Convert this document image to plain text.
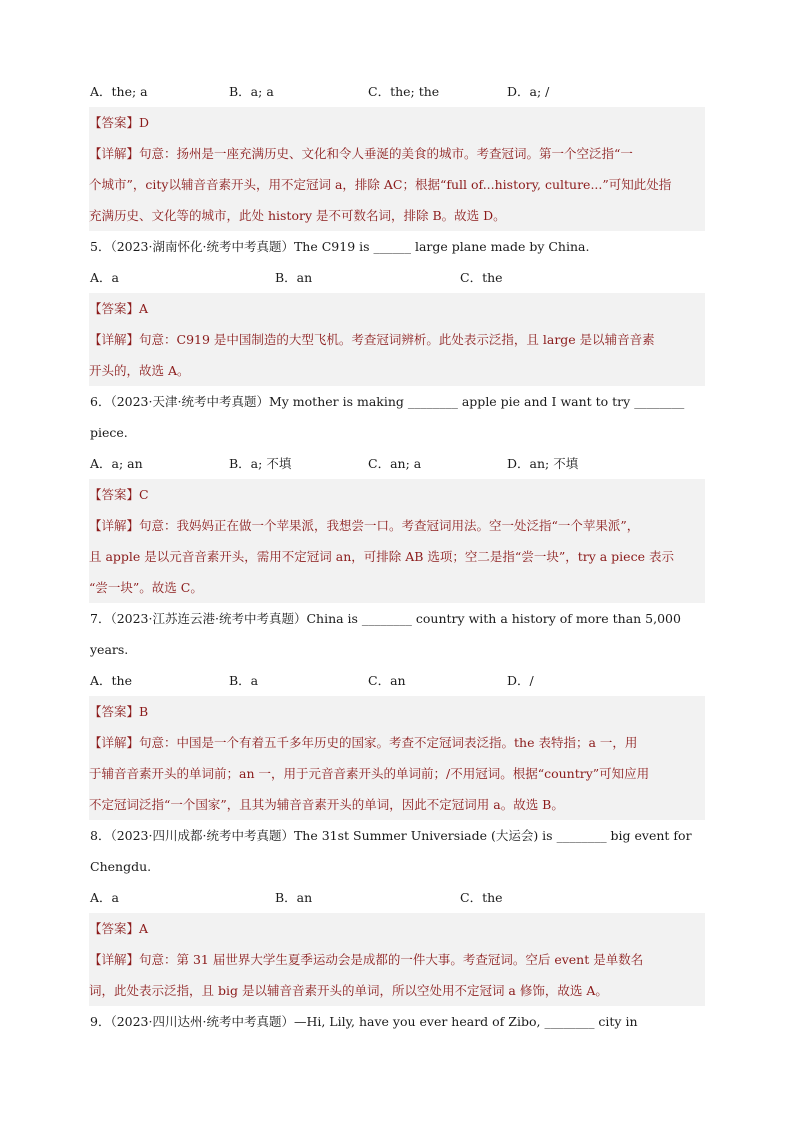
A．the; a	B．a; a	C．the; the	D．a; /
【答案】D
【详解】句意：扬州是一座充满历史、文化和令人垂涎的美食的城市。考查冠词。第一个空泛指“一
个城市”，city以辅音音素开头，用不定冠词 a，排除 AC；根据“full of...history, culture...”可知此处指
充满历史、文化等的城市，此处 history 是不可数名词，排除 B。故选 D。
5．（2023·湖南怀化·统考中考真题）The C919 is ______ large plane made by China.
A．a	B．an	C．the
【答案】A
【详解】句意：C919 是中国制造的大型飞机。考查冠词辨析。此处表示泛指，且 large 是以辅音音素
开头的，故选 A。
6．（2023·天津·统考中考真题）My mother is making ________ apple pie and I want to try ________
piece.
A．a; an	B．a; 不填	C．an; a	D．an; 不填
【答案】C
【详解】句意：我妈妈正在做一个苹果派，我想尝一口。考查冠词用法。空一处泛指“一个苹果派”，
且 apple 是以元音音素开头，需用不定冠词 an，可排除 AB 选项；空二是指“尝一块”，try a piece 表示
“尝一块”。故选 C。
7．（2023·江苏连云港·统考中考真题）China is ________ country with a history of more than 5,000
years.
A．the	B．a	C．an	D．/
【答案】B
【详解】句意：中国是一个有着五千多年历史的国家。考查不定冠词表泛指。the 表特指；a 一，用
于辅音音素开头的单词前；an 一，用于元音音素开头的单词前；/不用冠词。根据“country”可知应用
不定冠词泛指“一个国家”，且其为辅音音素开头的单词，因此不定冠词用 a。故选 B。
8．（2023·四川成都·统考中考真题）The 31st Summer Universiade (大运会) is ________ big event for
Chengdu.
A．a	B．an	C．the
【答案】A
【详解】句意：第 31 届世界大学生夏季运动会是成都的一件大事。考查冠词。空后 event 是单数名
词，此处表示泛指，且 big 是以辅音音素开头的单词，所以空处用不定冠词 a 修饰，故选 A。
9．（2023·四川达州·统考中考真题）—Hi, Lily, have you ever heard of Zibo, ________ city in
